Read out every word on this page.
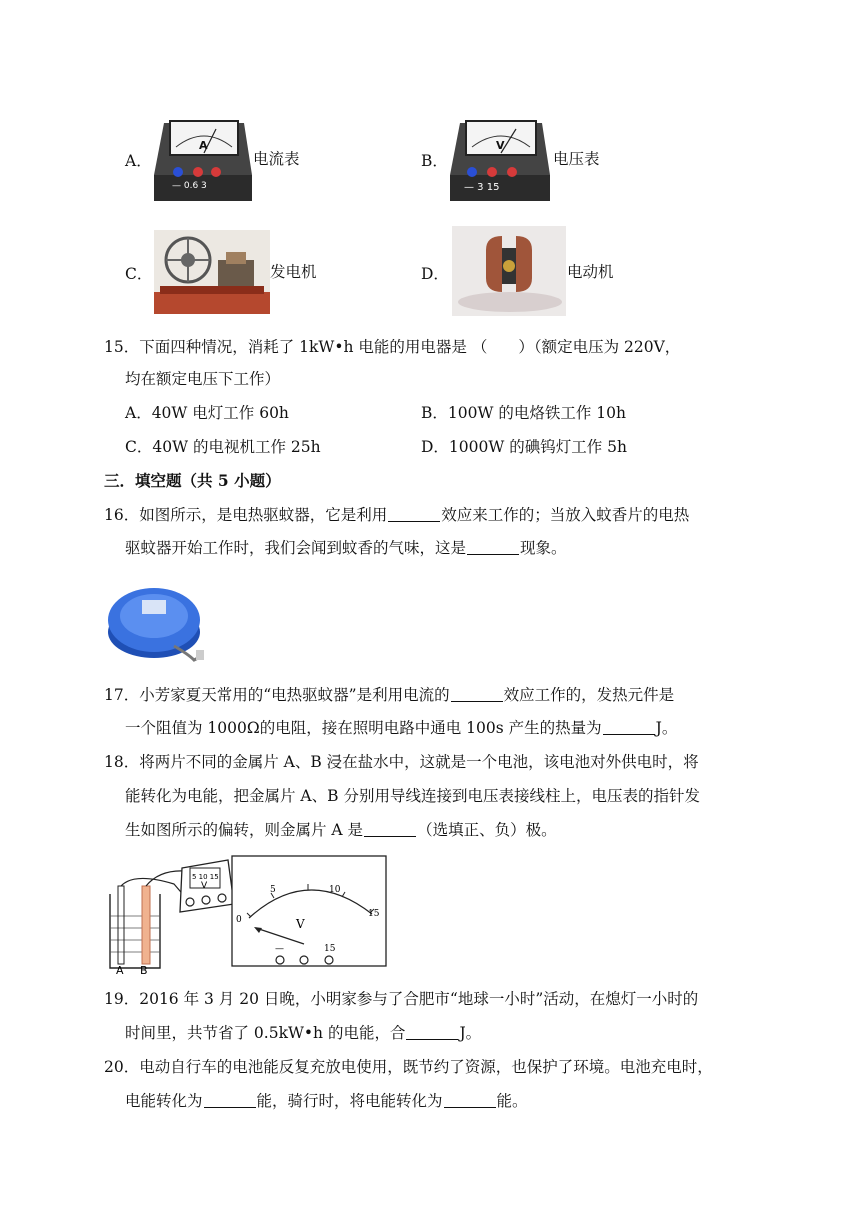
A．
A
— 0.6 3
电流表	B．
V
— 3 15
电压表
C．	发电机	D．	电动机
15．下面四种情况，消耗了 1kW•h 电能的用电器是 （　　）（额定电压为 220V，
均在额定电压下工作）
A．40W 电灯工作 60h	B．100W 的电烙铁工作 10h
C．40W 的电视机工作 25h	D．1000W 的碘钨灯工作 5h
三．填空题（共 5 小题）
16．如图所示，是电热驱蚊器，它是利用	效应来工作的；当放入蚊香片的电热
驱蚊器开始工作时，我们会闻到蚊香的气味，这是	现象。
17．小芳家夏天常用的“电热驱蚊器”是利用电流的	效应工作的，发热元件是
一个阻值为 1000Ω的电阻，接在照明电路中通电 100s 产生的热量为	J。
18．将两片不同的金属片 A、B 浸在盐水中，这就是一个电池，该电池对外供电时，将
能转化为电能，把金属片 A、B 分别用导线连接到电压表接线柱上，电压表的指针发
生如图所示的偏转，则金属片 A 是	（选填正、负）极。
A B
5 10 15
V
0
5	10
15
V
—	15
19．2016 年 3 月 20 日晚，小明家参与了合肥市“地球一小时”活动，在熄灯一小时的
时间里，共节省了 0.5kW•h 的电能，合	J。
20．电动自行车的电池能反复充放电使用，既节约了资源，也保护了环境。电池充电时，
电能转化为	能，骑行时，将电能转化为	能。
